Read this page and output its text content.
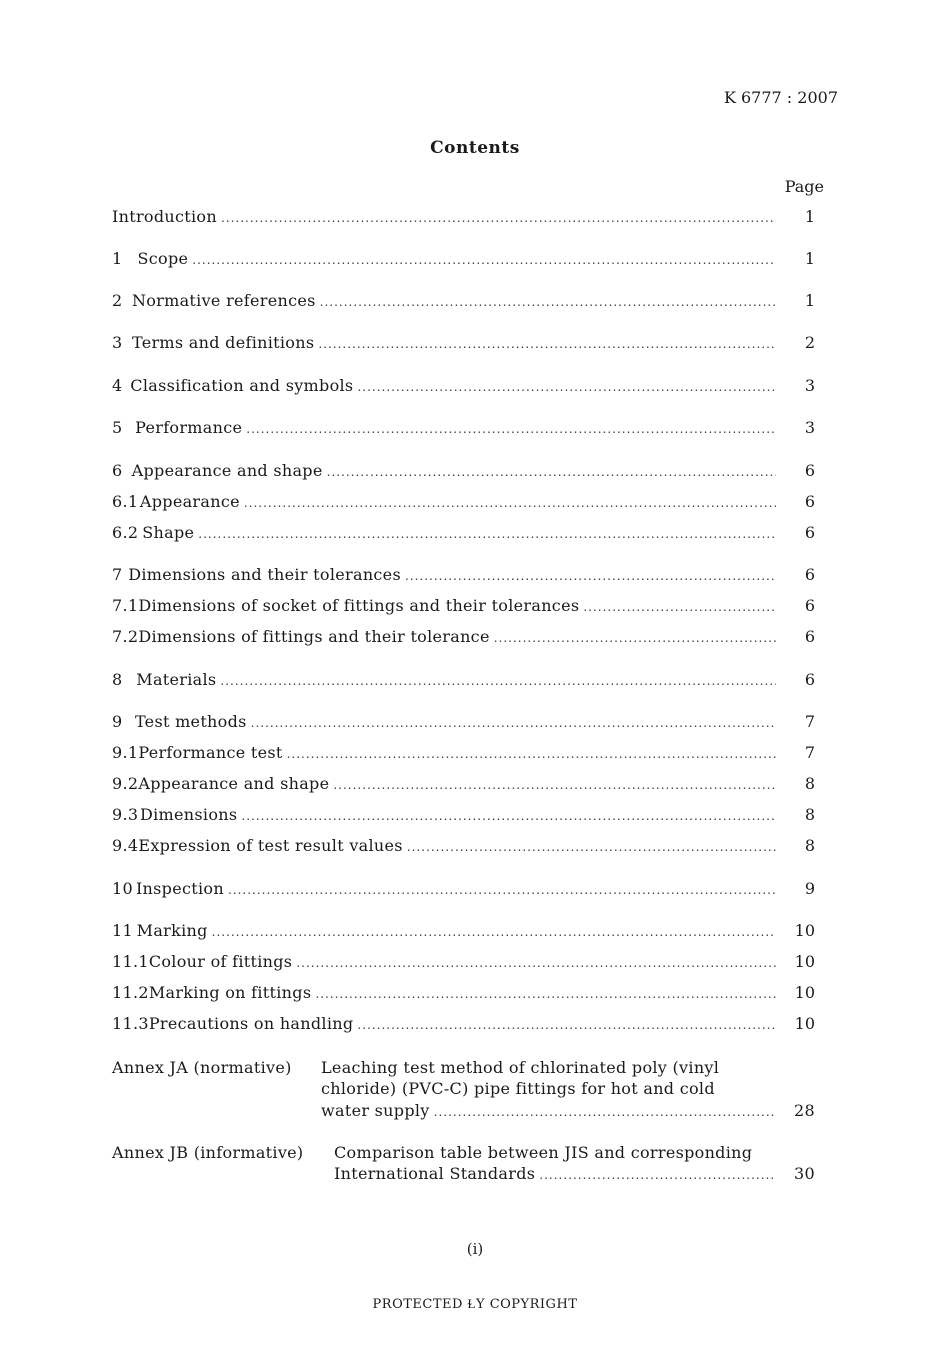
K 6777 : 2007
Contents
Page
Introduction .....	1
1 Scope .....	1
2 Normative references .....	1
3 Terms and definitions .....	2
4 Classification and symbols .....	3
5 Performance .....	3
6 Appearance and shape .....	6
6.1 Appearance .....	6
6.2 Shape .....	6
7 Dimensions and their tolerances .....	6
7.1 Dimensions of socket of fittings and their tolerances .....	6
7.2 Dimensions of fittings and their tolerance .....	6
8 Materials .....	6
9 Test methods .....	7
9.1 Performance test .....	7
9.2 Appearance and shape .....	8
9.3 Dimensions .....	8
9.4 Expression of test result values .....	8
10 Inspection .....	9
11 Marking .....	10
11.1 Colour of fittings .....	10
11.2 Marking on fittings .....	10
11.3 Precautions on handling .....	10
Annex JA (normative) Leaching test method of chlorinated poly (vinyl
chloride) (PVC-C) pipe fittings for hot and cold
water supply .....	28
Annex JB (informative) Comparison table between JIS and corresponding
International Standards .....	30
(i)
PROTECTED ⱢY COPYRIGHT
